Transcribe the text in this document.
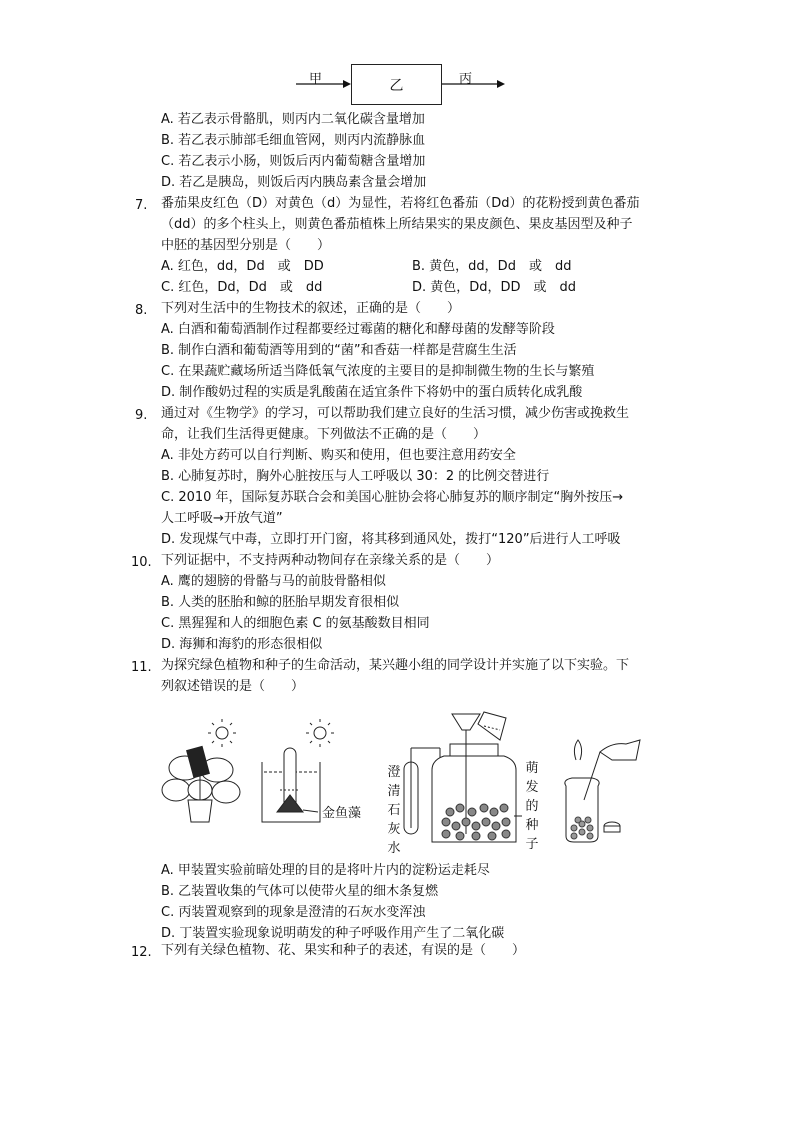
甲	乙	丙
A. 若乙表示骨骼肌，则丙内二氧化碳含量增加
B. 若乙表示肺部毛细血管网，则丙内流静脉血
C. 若乙表示小肠，则饭后丙内葡萄糖含量增加
D. 若乙是胰岛，则饭后丙内胰岛素含量会增加
7. 番茄果皮红色（D）对黄色（d）为显性，若将红色番茄（Dd）的花粉授到黄色番茄
（dd）的多个柱头上，则黄色番茄植株上所结果实的果皮颜色、果皮基因型及种子
中胚的基因型分别是（　　）
A. 红色，dd，Dd　或　DD	B. 黄色，dd，Dd　或　dd
C. 红色，Dd，Dd　或　dd	D. 黄色，Dd，DD　或　dd
8. 下列对生活中的生物技术的叙述，正确的是（　　）
A. 白酒和葡萄酒制作过程都要经过霉菌的糖化和酵母菌的发酵等阶段
B. 制作白酒和葡萄酒等用到的“菌”和香菇一样都是营腐生生活
C. 在果蔬贮藏场所适当降低氧气浓度的主要目的是抑制微生物的生长与繁殖
D. 制作酸奶过程的实质是乳酸菌在适宜条件下将奶中的蛋白质转化成乳酸
9. 通过对《生物学》的学习，可以帮助我们建立良好的生活习惯，减少伤害或挽救生
命，让我们生活得更健康。下列做法不正确的是（　　）
A. 非处方药可以自行判断、购买和使用，但也要注意用药安全
B. 心肺复苏时，胸外心脏按压与人工呼吸以 30：2 的比例交替进行
C. 2010 年，国际复苏联合会和美国心脏协会将心肺复苏的顺序制定“胸外按压→
人工呼吸→开放气道”
D. 发现煤气中毒，立即打开门窗，将其移到通风处，拨打“120”后进行人工呼吸
10. 下列证据中，不支持两种动物间存在亲缘关系的是（　　）
A. 鹰的翅膀的骨骼与马的前肢骨骼相似
B. 人类的胚胎和鲸的胚胎早期发育很相似
C. 黑猩猩和人的细胞色素 C 的氨基酸数目相同
D. 海狮和海豹的形态很相似
11. 为探究绿色植物和种子的生命活动，某兴趣小组的同学设计并实施了以下实验。下
列叙述错误的是（　　）
金鱼藻
澄
清
石
灰
水
萌
发
的
种
子
A. 甲装置实验前暗处理的目的是将叶片内的淀粉运走耗尽
B. 乙装置收集的气体可以使带火星的细木条复燃
C. 丙装置观察到的现象是澄清的石灰水变浑浊
D. 丁装置实验现象说明萌发的种子呼吸作用产生了二氧化碳
12. 下列有关绿色植物、花、果实和种子的表述，有误的是（　　）
